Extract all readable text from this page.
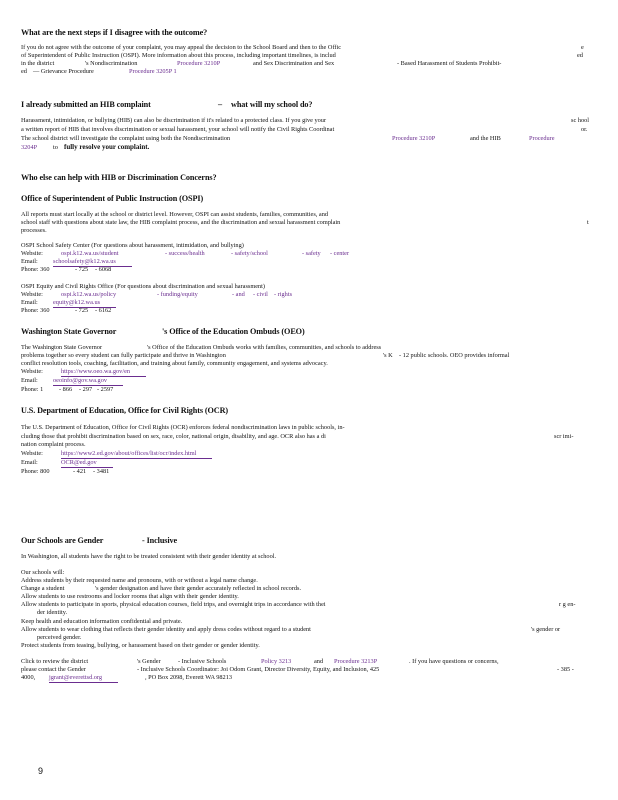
What are the next steps if I disagree with the outcome?
If you do not agree with the outcome of your complaint, you may appeal the decision to the School Board and then to the Offic	e
of Superintendent of Public Instruction (OSPI). More information about this process, including important timelines, is includ	ed
in the district	's Nondiscrimination	Procedure 3210P	and Sex Discrimination and Sex	- Based Harassment of Students Prohibit-
ed — Grievance Procedure	Procedure 3205P 1
I already submitted an HIB complaint	– what will my school do?
Harassment, intimidation, or bullying (HIB) can also be discrimination if it's related to a protected class. If you give your	sc hool
a written report of HIB that involves discrimination or sexual harassment, your school will notify the Civil Rights Coordinat	or.
The school district will investigate the complaint using both the Nondiscrimination	Procedure 3210P	and the HIB	Procedure
3204P	to fully resolve your complaint.
Who else can help with HIB or Discrimination Concerns?
Office of Superintendent of Public Instruction (OSPI)
All reports must start locally at the school or district level. However, OSPI can assist students, families, communities, and
school staff with questions about state law, the HIB complaint process, and the discrimination and sexual harassment complain	t
processes.
OSPI School Safety Center (For questions about harassment, intimidation, and bullying)
Website:	ospi.k12.wa.us/student	- success/health	- safety/school	- safety - center
Email: schoolsafety@k12.wa.us
Phone: 360	- 725 - 6068
OSPI Equity and Civil Rights Office (For questions about discrimination and sexual harassment)
Website:	ospi.k12.wa.us/policy	- funding/equity	- and - civil - rights
Email: equity@k12.wa.us
Phone: 360	- 725 - 6162
Washington State Governor	's Office of the Education Ombuds (OEO)
The Washington State Governor	's Office of the Education Ombuds works with families, communities, and schools to address
problems together so every student can fully participate and thrive in Washington	's K - 12 public schools. OEO provides informal
conflict resolution tools, coaching, facilitation, and training about family, community engagement, and systems advocacy.
Website:	https://www.oeo.wa.gov/en
Email: oeoinfo@gov.wa.gov
Phone: 1	- 866 - 297 - 2597
U.S. Department of Education, Office for Civil Rights (OCR)
The U.S. Department of Education, Office for Civil Rights (OCR) enforces federal nondiscrimination laws in public schools, in-
cluding those that prohibit discrimination based on sex, race, color, national origin, disability, and age. OCR also has a di	scr imi-
nation complaint process.
Website:	https://www2.ed.gov/about/offices/list/ocr/index.html
Email:	OCR@ed.gov
Phone: 800	- 421 - 3481
Our Schools are Gender	- Inclusive
In Washington, all students have the right to be treated consistent with their gender identity at school.
Our schools will:
Address students by their requested name and pronouns, with or without a legal name change.
Change a student	's gender designation and have their gender accurately reflected in school records.
Allow students to use restrooms and locker rooms that align with their gender identity.
Allow students to participate in sports, physical education courses, field trips, and overnight trips in accordance with thei	r g en-
der identity.
Keep health and education information confidential and private.
Allow students to wear clothing that reflects their gender identity and apply dress codes without regard to a student	's gender or
perceived gender.
Protect students from teasing, bullying, or harassment based on their gender or gender identity.
Click to review the district	's Gender	- Inclusive Schools	Policy 3213	and Procedure 3213P	. If you have questions or concerns,
please contact the Gender	- Inclusive Schools Coordinator: Joi Odom Grant, Director Diversity, Equity, and Inclusion, 425	- 385 -
4000, jgrant@everettsd.org	, PO Box 2098, Everett WA 98213
9
